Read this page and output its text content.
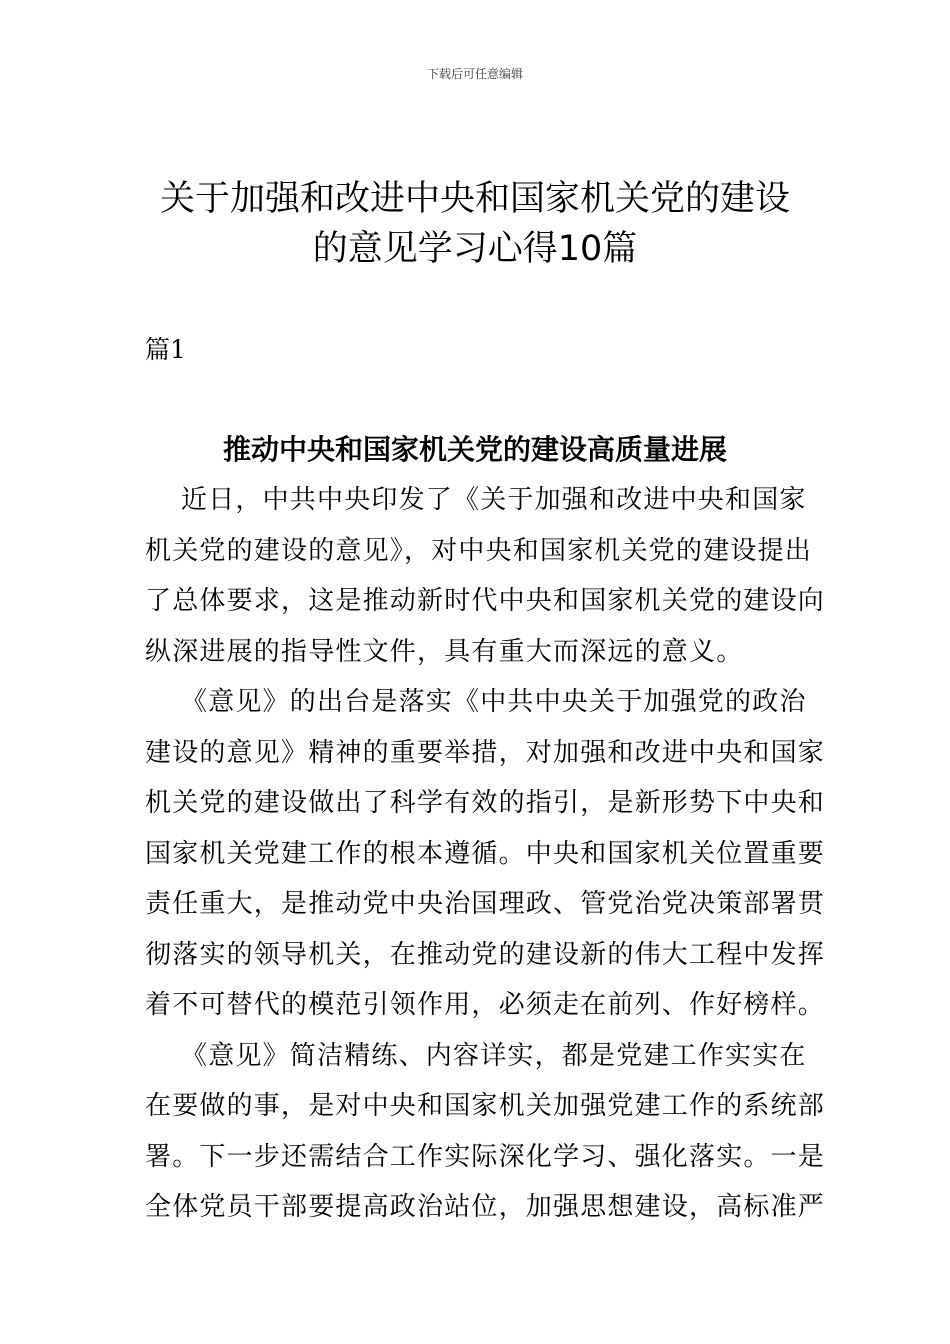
下载后可任意编辑
关于加强和改进中央和国家机关党的建设
的意见学习心得10篇
篇1
推动中央和国家机关党的建设高质量进展

近日，中共中央印发了《关于加强和改进中央和国家
机关党的建设的意见》，对中央和国家机关党的建设提出
了总体要求，这是推动新时代中央和国家机关党的建设向
纵深进展的指导性文件，具有重大而深远的意义。

《意见》的出台是落实《中共中央关于加强党的政治
建设的意见》精神的重要举措，对加强和改进中央和国家
机关党的建设做出了科学有效的指引，是新形势下中央和
国家机关党建工作的根本遵循。中央和国家机关位置重要
责任重大，是推动党中央治国理政、管党治党决策部署贯
彻落实的领导机关，在推动党的建设新的伟大工程中发挥
着不可替代的模范引领作用，必须走在前列、作好榜样。

《意见》简洁精练、内容详实，都是党建工作实实在
在要做的事，是对中央和国家机关加强党建工作的系统部
署。下一步还需结合工作实际深化学习、强化落实。一是
全体党员干部要提高政治站位，加强思想建设，高标准严
